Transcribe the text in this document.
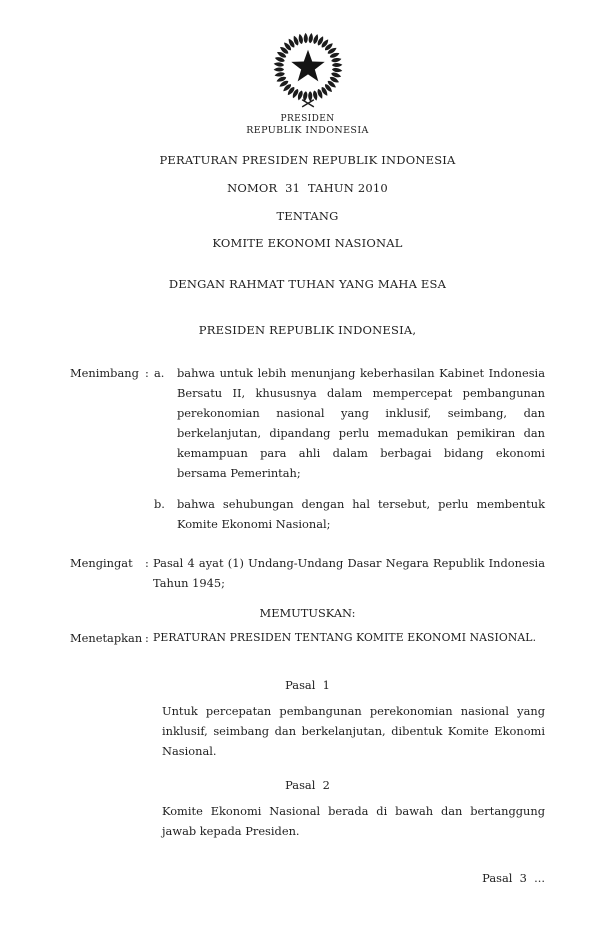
PRESIDEN
REPUBLIK INDONESIA
PERATURAN PRESIDEN REPUBLIK INDONESIA
NOMOR  31  TAHUN 2010
TENTANG
KOMITE EKONOMI NASIONAL
DENGAN RAHMAT TUHAN YANG MAHA ESA
PRESIDEN REPUBLIK INDONESIA,
Menimbang : a.	bahwa untuk lebih menunjang keberhasilan Kabinet Indonesia Bersatu II, khususnya dalam mempercepat pembangunan perekonomian nasional yang inklusif, seimbang, dan berkelanjutan, dipandang perlu memadukan pemikiran dan kemampuan para ahli dalam berbagai bidang ekonomi bersama Pemerintah;
b.	bahwa sehubungan dengan hal tersebut, perlu membentuk Komite Ekonomi Nasional;
Mengingat	: Pasal 4 ayat (1) Undang-Undang Dasar Negara Republik Indonesia Tahun 1945;
MEMUTUSKAN:
Menetapkan : PERATURAN PRESIDEN TENTANG KOMITE EKONOMI NASIONAL.
Pasal  1
Untuk percepatan pembangunan perekonomian nasional yang inklusif, seimbang dan berkelanjutan, dibentuk Komite Ekonomi Nasional.
Pasal  2
Komite Ekonomi Nasional berada di bawah dan bertanggung jawab kepada Presiden.
Pasal  3  ...
